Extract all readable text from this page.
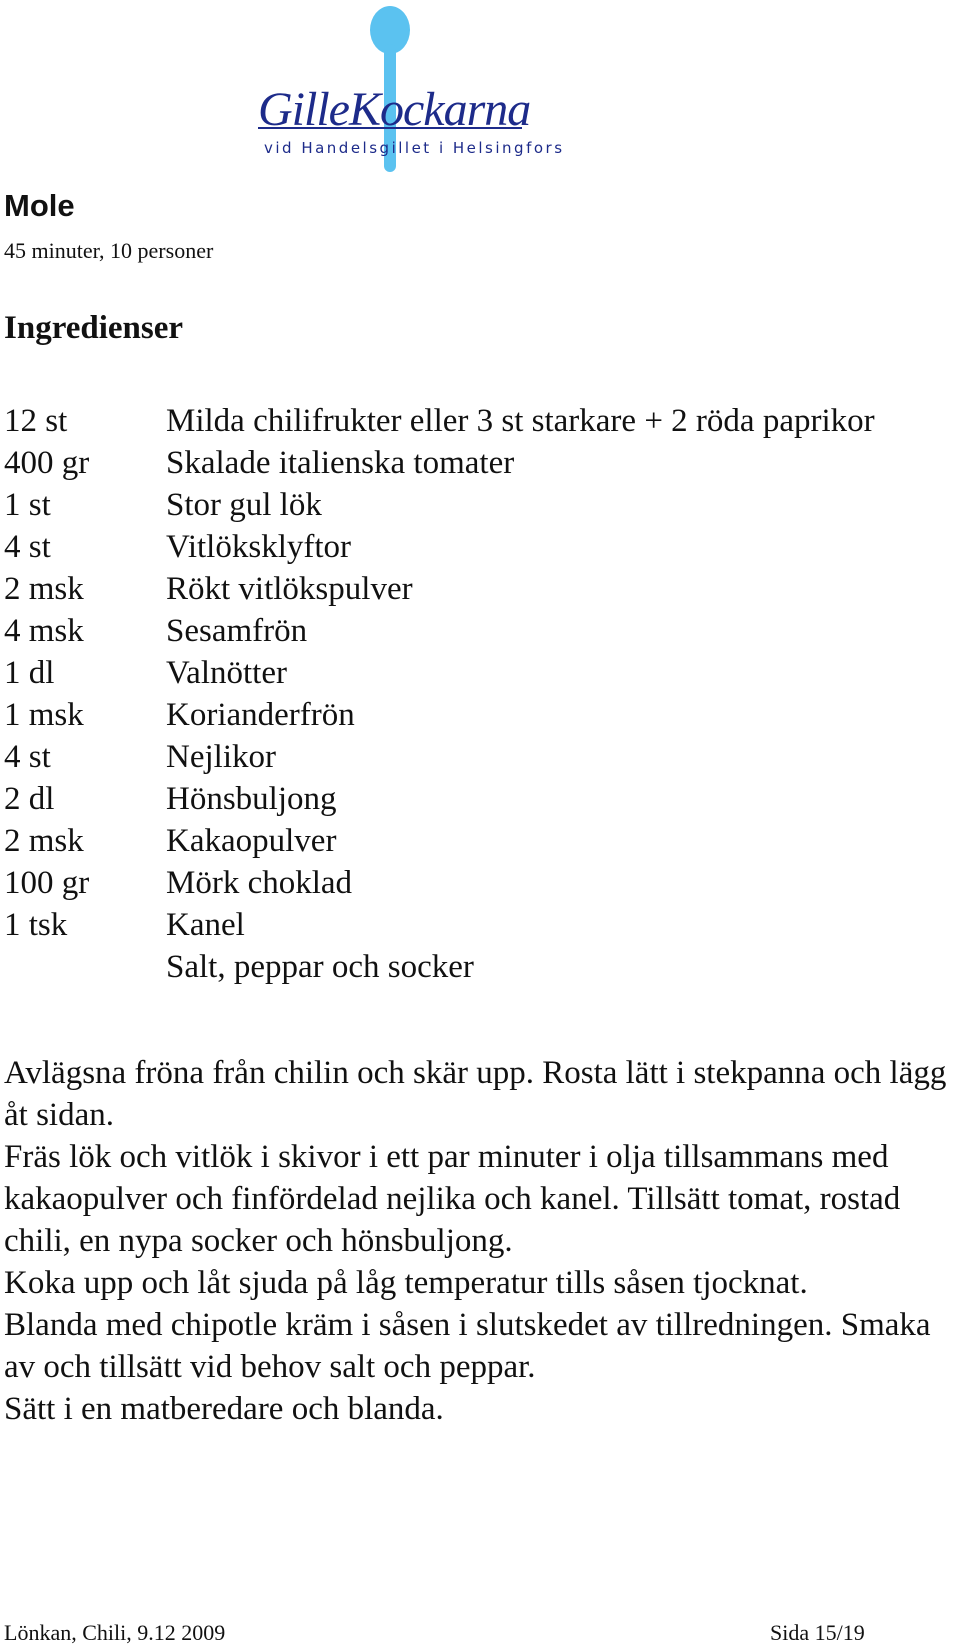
GilleKockarna
vid Handelsgillet i Helsingfors
Mole
45 minuter, 10 personer
Ingredienser
12 st	Milda chilifrukter eller 3 st starkare + 2 röda paprikor
400 gr	Skalade italienska tomater
1 st	Stor gul lök
4 st	Vitlöksklyftor
2 msk	Rökt vitlökspulver
4 msk	Sesamfrön
1 dl	Valnötter
1 msk	Korianderfrön
4 st	Nejlikor
2 dl	Hönsbuljong
2 msk	Kakaopulver
100 gr	Mörk choklad
1 tsk	Kanel
Salt, peppar och socker

Avlägsna fröna från chilin och skär upp. Rosta lätt i stekpanna och lägg åt sidan.

Fräs lök och vitlök i skivor i ett par minuter i olja tillsammans med kakaopulver och finfördelad nejlika och kanel. Tillsätt tomat, rostad chili, en nypa socker och hönsbuljong.

Koka upp och låt sjuda på låg temperatur tills såsen tjocknat.

Blanda med chipotle kräm i såsen i slutskedet av tillredningen. Smaka av och tillsätt vid behov salt och peppar.

Sätt i en matberedare och blanda.

Lönkan, Chili, 9.12 2009	Sida 15/19
